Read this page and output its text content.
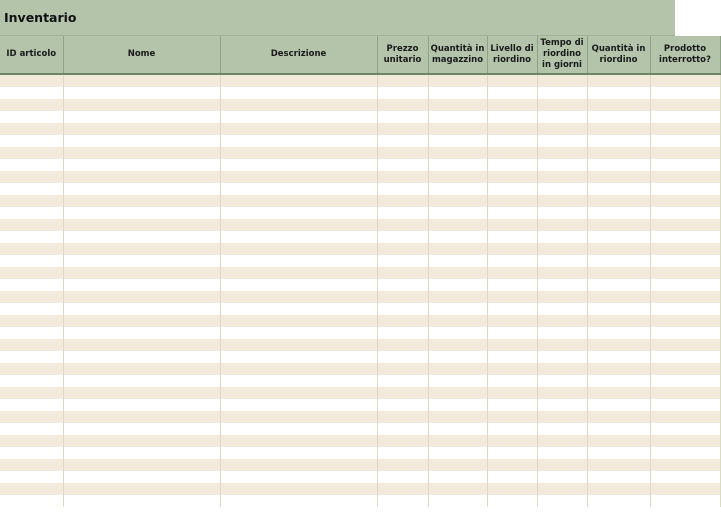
Inventario
ID articolo	Nome	Descrizione	Prezzo unitario	Quantità in magazzino	Livello di riordino	Tempo di riordino in giorni	Quantità in riordino	Prodotto interrotto?
